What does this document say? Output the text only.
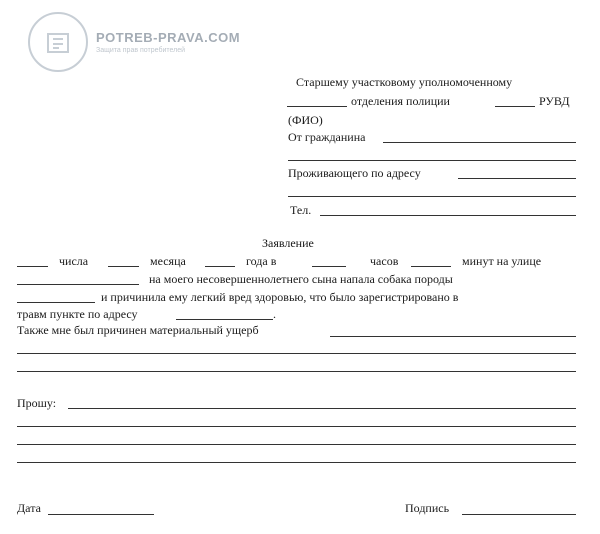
POTREB-PRAVA.COM
Защита прав потребителей
Старшему участковому уполномоченному
отделения полиции	РУВД
(ФИО)
От гражданина
Проживающего по адресу
Тел.
Заявление
числа	месяца	года в	часов	минут на улице
на моего несовершеннолетнего сына напала собака породы
и причинила ему легкий вред здоровью, что было зарегистрировано в
травм пункте по адресу	.
Также мне был причинен материальный ущерб
Прошу:
Дата	Подпись
